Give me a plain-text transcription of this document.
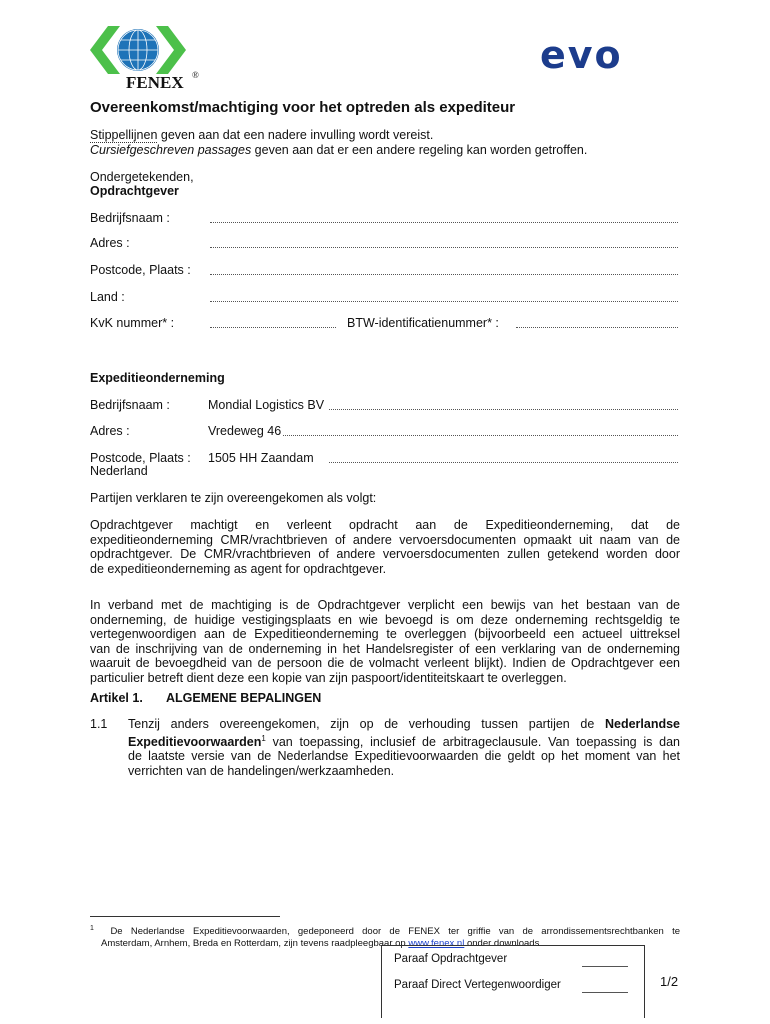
FENEX ®	evo
Overeenkomst/machtiging voor het optreden als expediteur
Stippellijnen geven aan dat een nadere invulling wordt vereist.
Cursiefgeschreven passages geven aan dat er een andere regeling kan worden getroffen.
Ondergetekenden,
Opdrachtgever
Bedrijfsnaam :
Adres :
Postcode, Plaats :
Land :
KvK nummer* :	BTW-identificatienummer* :
Expeditieonderneming
Bedrijfsnaam :	Mondial Logistics BV
Adres :	Vredeweg 46
Postcode, Plaats : 1505 HH Zaandam
Nederland
Partijen verklaren te zijn overeengekomen als volgt:
Opdrachtgever machtigt en verleent opdracht aan de Expeditieonderneming, dat de
expeditieonderneming CMR/vrachtbrieven of andere vervoersdocumenten opmaakt uit naam van de
opdrachtgever. De CMR/vrachtbrieven of andere vervoersdocumenten zullen getekend worden door
de expeditieonderneming as agent for opdrachtgever.
In verband met de machtiging is de Opdrachtgever verplicht een bewijs van het bestaan van de
onderneming, de huidige vestigingsplaats en wie bevoegd is om deze onderneming rechtsgeldig te
vertegenwoordigen aan de Expeditieonderneming te overleggen (bijvoorbeeld een actueel uittreksel
van de inschrijving van de onderneming in het Handelsregister of een verklaring van de onderneming
waaruit de bevoegdheid van de persoon die de volmacht verleent blijkt). Indien de Opdrachtgever een
particulier betreft dient deze een kopie van zijn paspoort/identiteitskaart te overleggen.
Artikel 1. ALGEMENE BEPALINGEN
1.1 Tenzij anders overeengekomen, zijn op de verhouding tussen partijen de Nederlandse
Expeditievoorwaarden$^1$ van toepassing, inclusief de arbitrageclausule. Van toepassing is dan
de laatste versie van de Nederlandse Expeditievoorwaarden die geldt op het moment van het
verrichten van de handelingen/werkzaamheden.
$^1$ De Nederlandse Expeditievoorwaarden, gedeponeerd door de FENEX ter griffie van de arrondissementsrechtbanken te
Amsterdam, Arnhem, Breda en Rotterdam, zijn tevens raadpleegbaar op www.fenex.nl onder downloads.
Paraaf Opdrachtgever
Paraaf Direct Vertegenwoordiger	1/2
